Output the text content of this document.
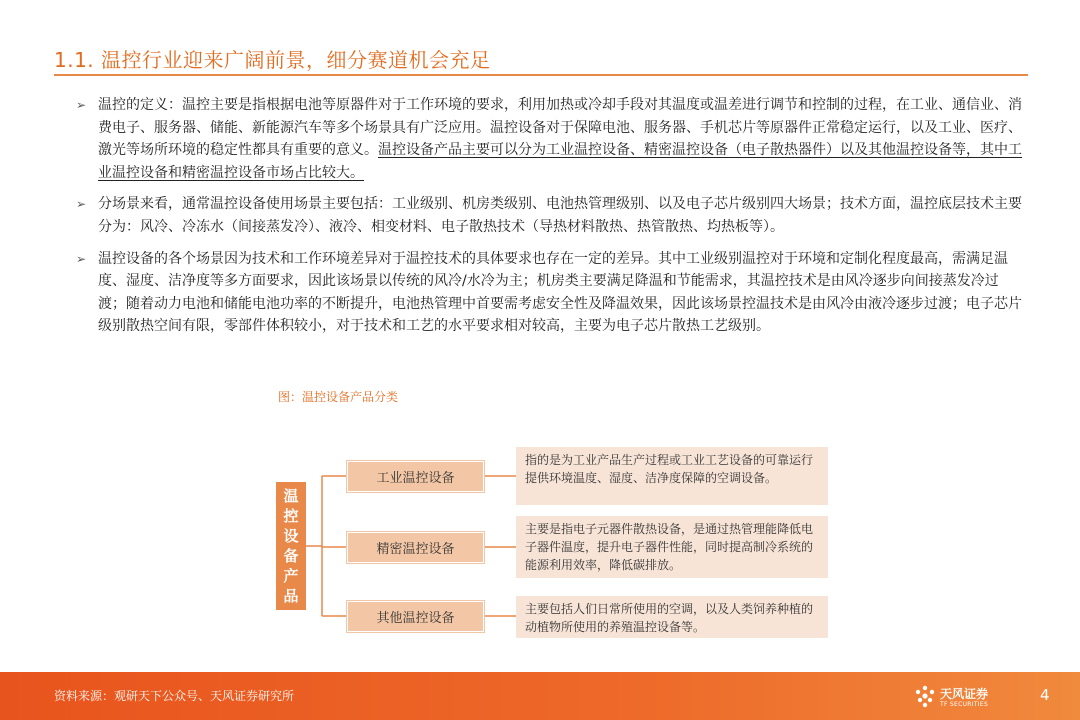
1.1. 温控行业迎来广阔前景，细分赛道机会充足
➢ 温控的定义：温控主要是指根据电池等原器件对于工作环境的要求，利用加热或冷却手段对其温度或温差进行调节和控制的过程，在工业、通信业、消费电子、服务器、储能、新能源汽车等多个场景具有广泛应用。温控设备对于保障电池、服务器、手机芯片等原器件正常稳定运行，以及工业、医疗、激光等场所环境的稳定性都具有重要的意义。温控设备产品主要可以分为工业温控设备、精密温控设备（电子散热器件）以及其他温控设备等，其中工业温控设备和精密温控设备市场占比较大。
➢ 分场景来看，通常温控设备使用场景主要包括：工业级别、机房类级别、电池热管理级别、以及电子芯片级别四大场景；技术方面，温控底层技术主要分为：风冷、冷冻水（间接蒸发冷）、液冷、相变材料、电子散热技术（导热材料散热、热管散热、均热板等）。
➢ 温控设备的各个场景因为技术和工作环境差异对于温控技术的具体要求也存在一定的差异。其中工业级别温控对于环境和定制化程度最高，需满足温度、湿度、洁净度等多方面要求，因此该场景以传统的风冷/水冷为主；机房类主要满足降温和节能需求，其温控技术是由风冷逐步向间接蒸发冷过渡；随着动力电池和储能电池功率的不断提升，电池热管理中首要需考虑安全性及降温效果，因此该场景控温技术是由风冷由液冷逐步过渡；电子芯片级别散热空间有限，零部件体积较小，对于技术和工艺的水平要求相对较高，主要为电子芯片散热工艺级别。
图：温控设备产品分类
温
控
设
备
产
品
工业温控设备
精密温控设备
其他温控设备
指的是为工业产品生产过程或工业工艺设备的可靠运行提供环境温度、湿度、洁净度保障的空调设备。
主要是指电子元器件散热设备，是通过热管理能降低电子器件温度，提升电子器件性能，同时提高制冷系统的能源利用效率，降低碳排放。
主要包括人们日常所使用的空调，以及人类饲养种植的动植物所使用的养殖温控设备等。
资料来源：观研天下公众号、天风证券研究所	天风证券
TF SECURITIES
4
